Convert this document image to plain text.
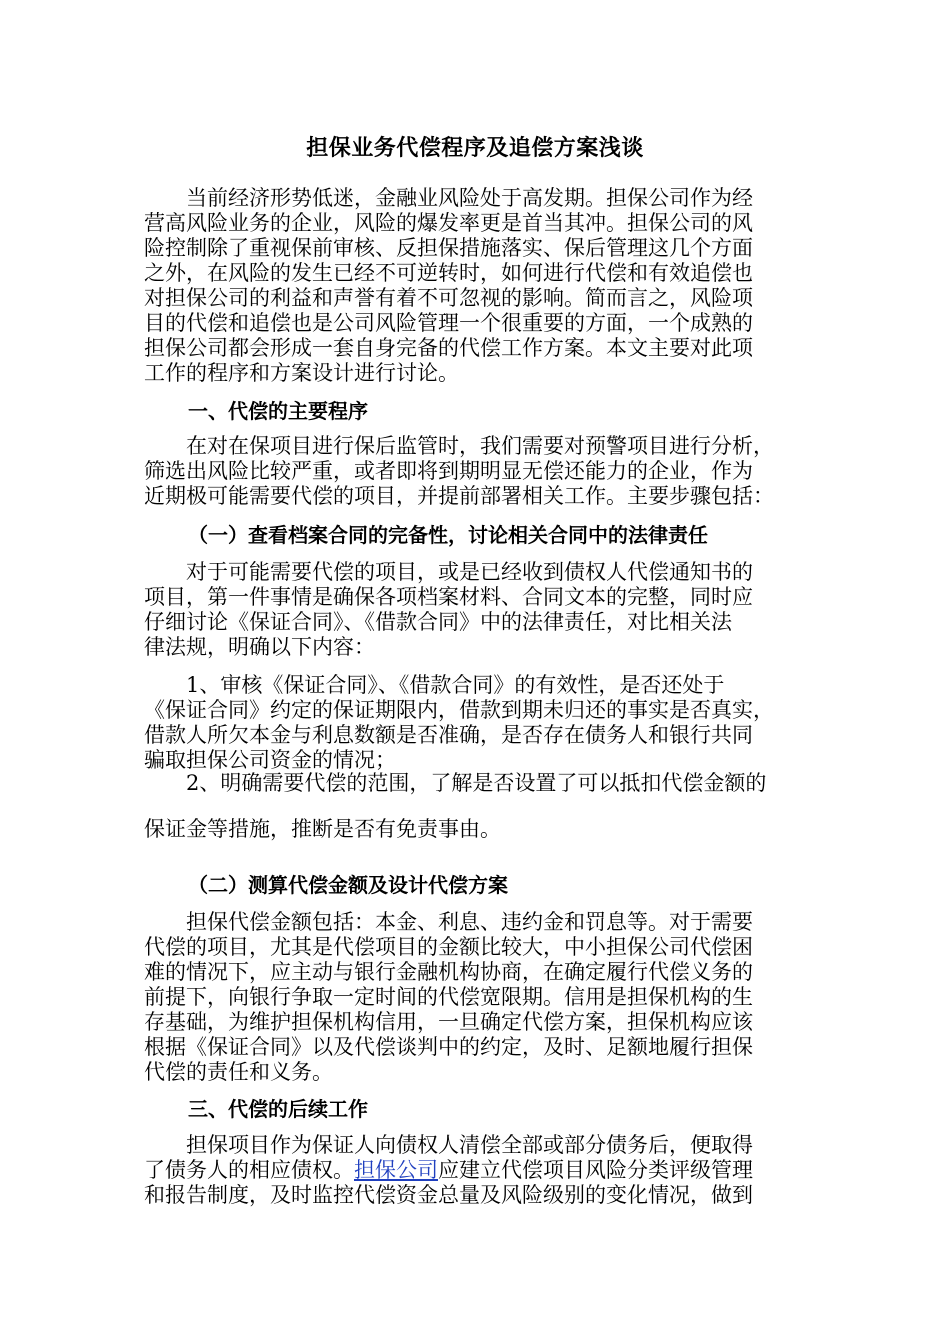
担保业务代偿程序及追偿方案浅谈
　　当前经济形势低迷，金融业风险处于高发期。担保公司作为经
营高风险业务的企业，风险的爆发率更是首当其冲。担保公司的风
险控制除了重视保前审核、反担保措施落实、保后管理这几个方面
之外，在风险的发生已经不可逆转时，如何进行代偿和有效追偿也
对担保公司的利益和声誉有着不可忽视的影响。简而言之，风险项
目的代偿和追偿也是公司风险管理一个很重要的方面，一个成熟的
担保公司都会形成一套自身完备的代偿工作方案。本文主要对此项
工作的程序和方案设计进行讨论。
一、代偿的主要程序
　　在对在保项目进行保后监管时，我们需要对预警项目进行分析，
筛选出风险比较严重，或者即将到期明显无偿还能力的企业，作为
近期极可能需要代偿的项目，并提前部署相关工作。主要步骤包括：
（一）查看档案合同的完备性，讨论相关合同中的法律责任
　　对于可能需要代偿的项目，或是已经收到债权人代偿通知书的
项目，第一件事情是确保各项档案材料、合同文本的完整，同时应
仔细讨论《保证合同》、《借款合同》中的法律责任，对比相关法
律法规，明确以下内容：
　　1、审核《保证合同》、《借款合同》的有效性，是否还处于
《保证合同》约定的保证期限内，借款到期未归还的事实是否真实，
借款人所欠本金与利息数额是否准确，是否存在债务人和银行共同
骗取担保公司资金的情况；
　　2、明确需要代偿的范围，了解是否设置了可以抵扣代偿金额的
保证金等措施，推断是否有免责事由。
（二）测算代偿金额及设计代偿方案
　　担保代偿金额包括：本金、利息、违约金和罚息等。对于需要
代偿的项目，尤其是代偿项目的金额比较大，中小担保公司代偿困
难的情况下，应主动与银行金融机构协商，在确定履行代偿义务的
前提下，向银行争取一定时间的代偿宽限期。信用是担保机构的生
存基础，为维护担保机构信用，一旦确定代偿方案，担保机构应该
根据《保证合同》以及代偿谈判中的约定，及时、足额地履行担保
代偿的责任和义务。
三、代偿的后续工作
　　担保项目作为保证人向债权人清偿全部或部分债务后，便取得
了债务人的相应债权。担保公司应建立代偿项目风险分类评级管理
和报告制度，及时监控代偿资金总量及风险级别的变化情况，做到
